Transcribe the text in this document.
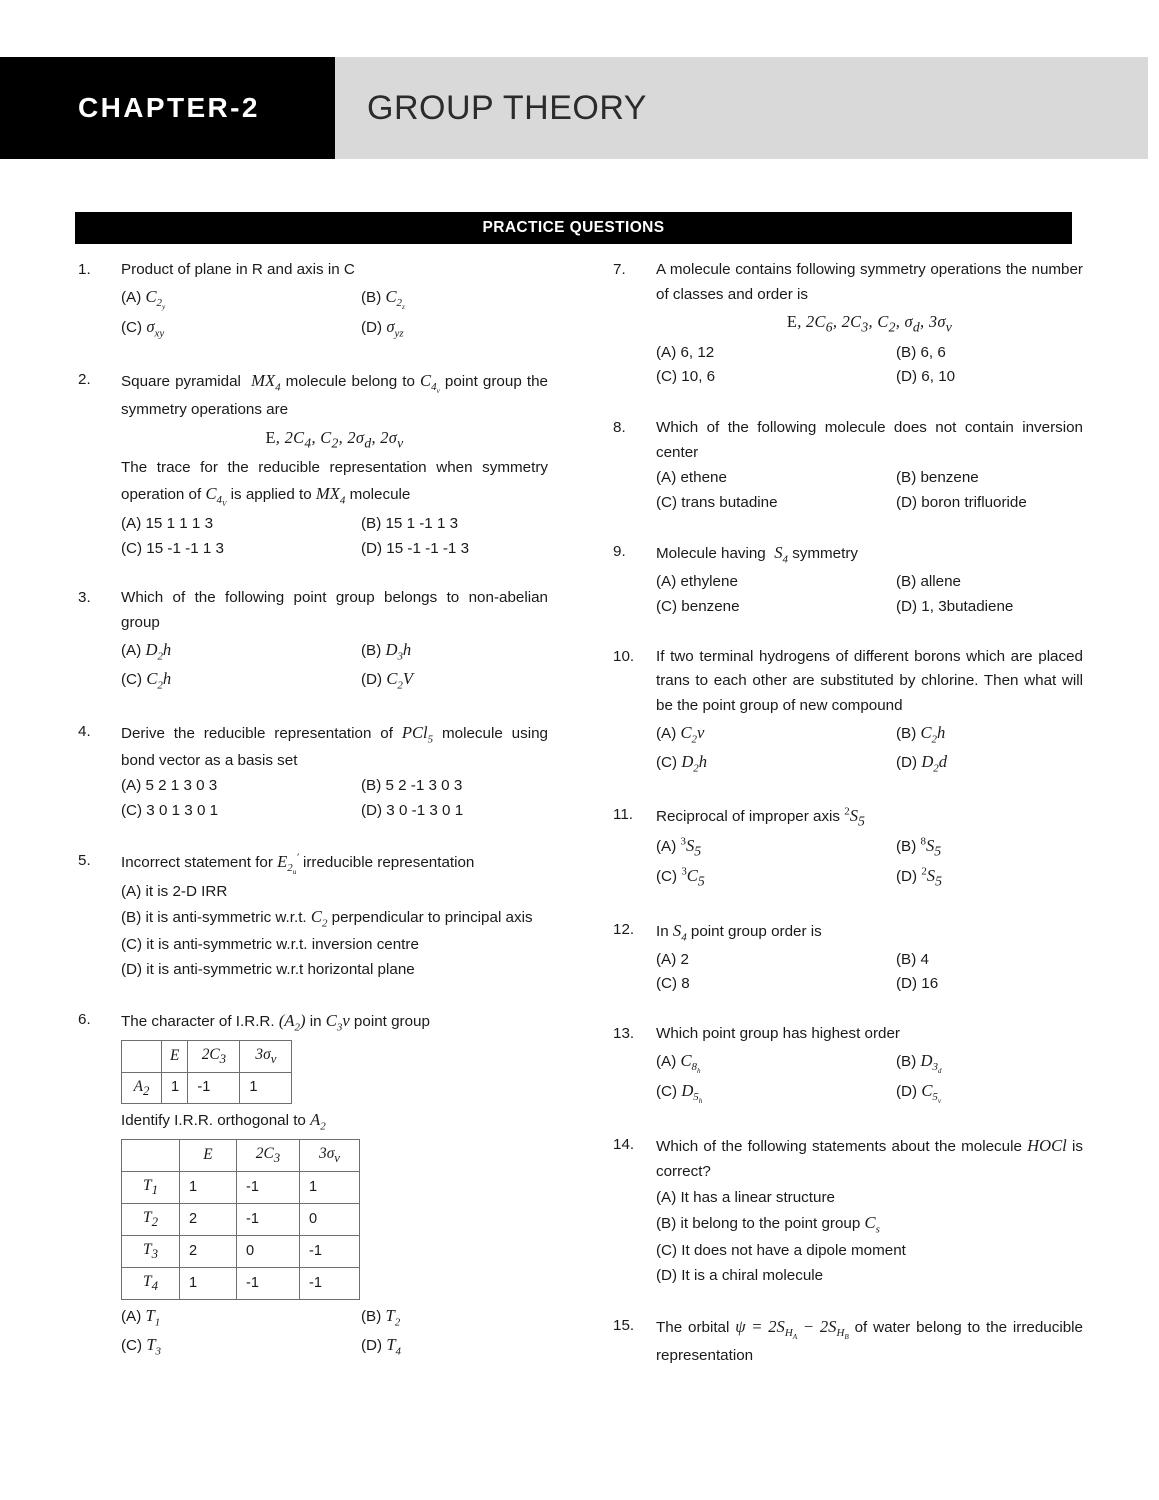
CHAPTER-2	GROUP THEORY
PRACTICE QUESTIONS
1.	Product of plane in R and axis in C
(A) $C_{2_y}$
(B) $C_{2_z}$
(C) $\sigma_{xy}$	(D) $\sigma_{yz}$
2.	Square pyramidal  $MX_4$ molecule belong to $C_{4_v}$ point group the symmetry operations are
E, $2C_4$, $C_2$, $2\sigma_d$, $2\sigma_v$
The trace for the reducible representation when symmetry operation of $C_{4_V}$ is applied to $MX_4$ molecule
(A) 15 1 1 1 3	(B) 15 1 -1 1 3
(C) 15 -1 -1 1 3	(D) 15 -1 -1 -1 3
3.	Which of the following point group belongs to non-abelian group
(A) $D_2h$	(B) $D_3h$
(C) $C_2h$	(D) $C_2V$
4.	Derive the reducible representation of PCl$_5$ molecule using bond vector as a basis set
(A) 5 2 1 3 0 3	(B) 5 2 -1 3 0 3
(C) 3 0 1 3 0 1	(D) 3 0 -1 3 0 1
5.	Incorrect statement for $E_{2_u}'$ irreducible representation
(A) it is 2-D IRR
(B) it is anti-symmetric w.r.t. $C_2$ perpendicular to principal axis
(C) it is anti-symmetric w.r.t. inversion centre
(D) it is anti-symmetric w.r.t horizontal plane
6.	The character of I.R.R. $(A_2)$ in $C_3v$ point group
	E	$2C_3$	$3\sigma_v$
$A_2$	1	-1	1
Identify I.R.R. orthogonal to $A_2$
	E	$2C_3$	$3\sigma_v$
$T_1$	1	-1	1
$T_2$	2	-1	0
$T_3$	2	0	-1
$T_4$	1	-1	-1
(A) $T_1$	(B) $T_2$
(C) $T_3$	(D) $T_4$
7.	A molecule contains following symmetry operations the number of classes and order is
E, $2C_6$, $2C_3$, $C_2$, $\sigma_d$, $3\sigma_v$
(A) 6, 12	(B) 6, 6
(C) 10, 6	(D) 6, 10
8.	Which of the following molecule does not contain inversion center
(A) ethene	(B) benzene
(C) trans butadine	(D) boron trifluoride
9.	Molecule having  $S_4$ symmetry
(A) ethylene	(B) allene
(C) benzene	(D) 1, 3butadiene
10.	If two terminal hydrogens of different borons which are placed trans to each other are substituted by chlorine. Then what will be the point group of new compound
(A) $C_2v$	(B) $C_2h$
(C) $D_2h$	(D) $D_2d$
11.	Reciprocal of improper axis $^2S_5$
(A) $^3S_5$	(B) $^8S_5$
(C) $^3C_5$	(D) $^2S_5$
12.	In $S_4$ point group order is
(A) 2	(B) 4
(C) 8	(D) 16
13.	Which point group has highest order
(A) $C_{8_h}$
(B) $D_{3_d}$
(C) $D_{5_h}$
(D) $C_{5_v}$
14.	Which of the following statements about the molecule HOCl is correct?
(A) It has a linear structure
(B) it belong to the point group $C_s$
(C) It does not have a dipole moment
(D) It is a chiral molecule
15.	The orbital $\psi = 2S_{H_A} - 2S_{H_B}$ of water belong to the irreducible representation
